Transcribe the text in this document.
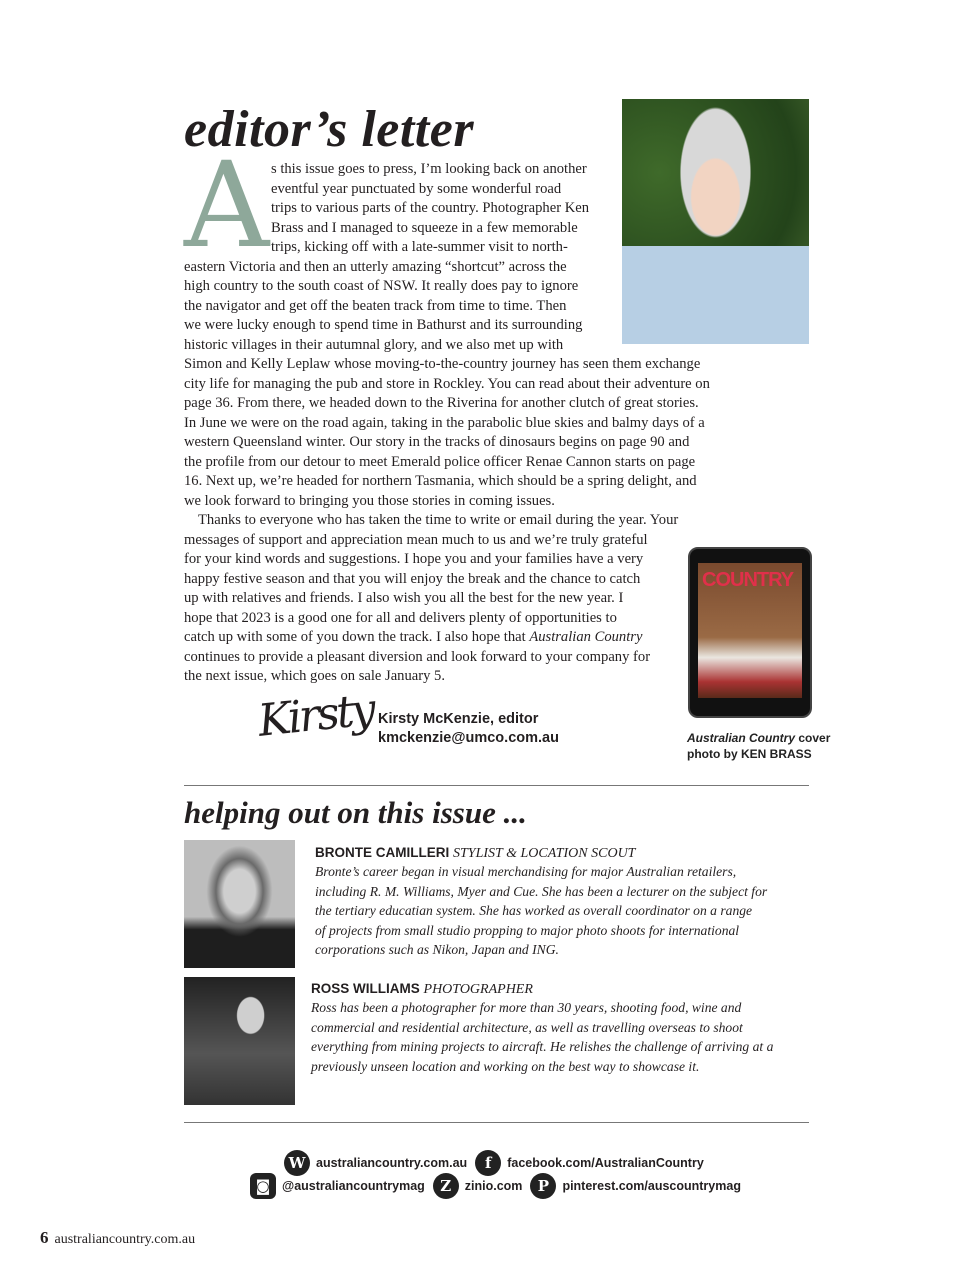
editor’s letter
A s this issue goes to press, I’m looking back on another
eventful year punctuated by some wonderful road
trips to various parts of the country. Photographer Ken
Brass and I managed to squeeze in a few memorable
trips, kicking off with a late-summer visit to north-
eastern Victoria and then an utterly amazing “shortcut” across the
high country to the south coast of NSW. It really does pay to ignore
the navigator and get off the beaten track from time to time. Then
we were lucky enough to spend time in Bathurst and its surrounding
historic villages in their autumnal glory, and we also met up with
Simon and Kelly Leplaw whose moving-to-the-country journey has seen them exchange
city life for managing the pub and store in Rockley. You can read about their adventure on
page 36. From there, we headed down to the Riverina for another clutch of great stories.
In June we were on the road again, taking in the parabolic blue skies and balmy days of a
western Queensland winter. Our story in the tracks of dinosaurs begins on page 90 and
the profile from our detour to meet Emerald police officer Renae Cannon starts on page
16. Next up, we’re headed for northern Tasmania, which should be a spring delight, and
we look forward to bringing you those stories in coming issues.
Thanks to everyone who has taken the time to write or email during the year. Your
messages of support and appreciation mean much to us and we’re truly grateful
for your kind words and suggestions. I hope you and your families have a very
happy festive season and that you will enjoy the break and the chance to catch
up with relatives and friends. I also wish you all the best for the new year. I
hope that 2023 is a good one for all and delivers plenty of opportunities to
catch up with some of you down the track. I also hope that Australian Country
continues to provide a pleasant diversion and look forward to your company for
the next issue, which goes on sale January 5.
COUNTRY
Australian Country cover
photo by KEN BRASS
Kirsty Kirsty McKenzie, editor
kmckenzie@umco.com.au
helping out on this issue ...
BRONTE CAMILLERI STYLIST & LOCATION SCOUT
Bronte’s career began in visual merchandising for major Australian retailers,
including R. M. Williams, Myer and Cue. She has been a lecturer on the subject for
the tertiary educatian system. She has worked as overall coordinator on a range
of projects from small studio propping to major photo shoots for international
corporations such as Nikon, Japan and ING.
ROSS WILLIAMS PHOTOGRAPHER
Ross has been a photographer for more than 30 years, shooting food, wine and
commercial and residential architecture, as well as travelling overseas to shoot
everything from mining projects to aircraft. He relishes the challenge of arriving at a
previously unseen location and working on the best way to showcase it.
W australiancountry.com.au	f	facebook.com/AustralianCountry
◙ @australiancountrymag	Z	zinio.com	P	pinterest.com/auscountrymag
6 australiancountry.com.au
